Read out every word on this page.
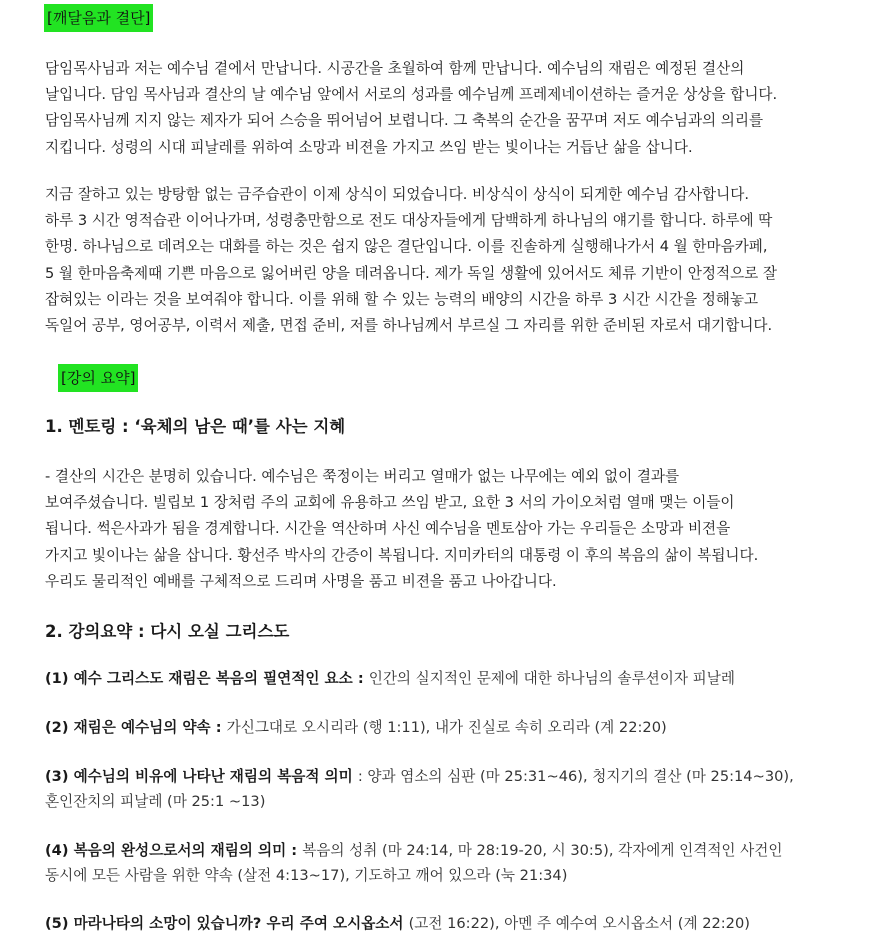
[깨달음과 결단]

담임목사님과 저는 예수님 곁에서 만납니다. 시공간을 초월하여 함께 만납니다. 예수님의 재림은 예정된 결산의
날입니다. 담임 목사님과 결산의 날 예수님 앞에서 서로의 성과를 예수님께 프레제네이션하는 즐거운 상상을 합니다.
담임목사님께 지지 않는 제자가 되어 스승을 뛰어넘어 보렵니다. 그 축복의 순간을 꿈꾸며 저도 예수님과의 의리를
지킵니다. 성령의 시대 피날레를 위하여 소망과 비젼을 가지고 쓰임 받는 빛이나는 거듭난 삶을 삽니다.

지금 잘하고 있는 방탕함 없는 금주습관이 이제 상식이 되었습니다. 비상식이 상식이 되게한 예수님 감사합니다.
하루 3 시간 영적습관 이어나가며, 성령충만함으로 전도 대상자들에게 담백하게 하나님의 얘기를 합니다. 하루에 딱
한명. 하나님으로 데려오는 대화를 하는 것은 쉽지 않은 결단입니다. 이를 진솔하게 실행해나가서 4 월 한마음카페,
5 월 한마음축제때 기쁜 마음으로 잃어버린 양을 데려옵니다. 제가 독일 생활에 있어서도 체류 기반이 안정적으로 잘
잡혀있는 이라는 것을 보여줘야 합니다. 이를 위해 할 수 있는 능력의 배양의 시간을 하루 3 시간 시간을 정해놓고
독일어 공부, 영어공부, 이력서 제출, 면접 준비, 저를 하나님께서 부르실 그 자리를 위한 준비된 자로서 대기합니다.

[강의 요약]
1. 멘토링 : ‘육체의 남은 때’를 사는 지혜

- 결산의 시간은 분명히 있습니다. 예수님은 쭉정이는 버리고 열매가 없는 나무에는 예외 없이 결과를
보여주셨습니다. 빌립보 1 장처럼 주의 교회에 유용하고 쓰임 받고, 요한 3 서의 가이오처럼 열매 맺는 이들이
됩니다. 썩은사과가 됨을 경계합니다. 시간을 역산하며 사신 예수님을 멘토삼아 가는 우리들은 소망과 비젼을
가지고 빛이나는 삶을 삽니다. 황선주 박사의 간증이 복됩니다. 지미카터의 대통령 이 후의 복음의 삶이 복됩니다.
우리도 물리적인 예배를 구체적으로 드리며 사명을 품고 비젼을 품고 나아갑니다.

2. 강의요약 : 다시 오실 그리스도

(1) 예수 그리스도 재림은 복음의 필연적인 요소 : 인간의 실지적인 문제에 대한 하나님의 솔루션이자 피날레

(2) 재림은 예수님의 약속 : 가신그대로 오시리라 (행 1:11), 내가 진실로 속히 오리라 (계 22:20)

(3) 예수님의 비유에 나타난 재림의 복음적 의미 : 양과 염소의 심판 (마 25:31~46), 청지기의 결산 (마 25:14~30),
혼인잔치의 피날레 (마 25:1 ~13)

(4) 복음의 완성으로서의 재림의 의미 : 복음의 성취 (마 24:14, 마 28:19-20, 시 30:5), 각자에게 인격적인 사건인
동시에 모든 사람을 위한 약속 (살전 4:13~17), 기도하고 깨어 있으라 (눅 21:34)

(5) 마라나타의 소망이 있습니까? 우리 주여 오시옵소서 (고전 16:22), 아멘 주 예수여 오시옵소서 (계 22:20)
